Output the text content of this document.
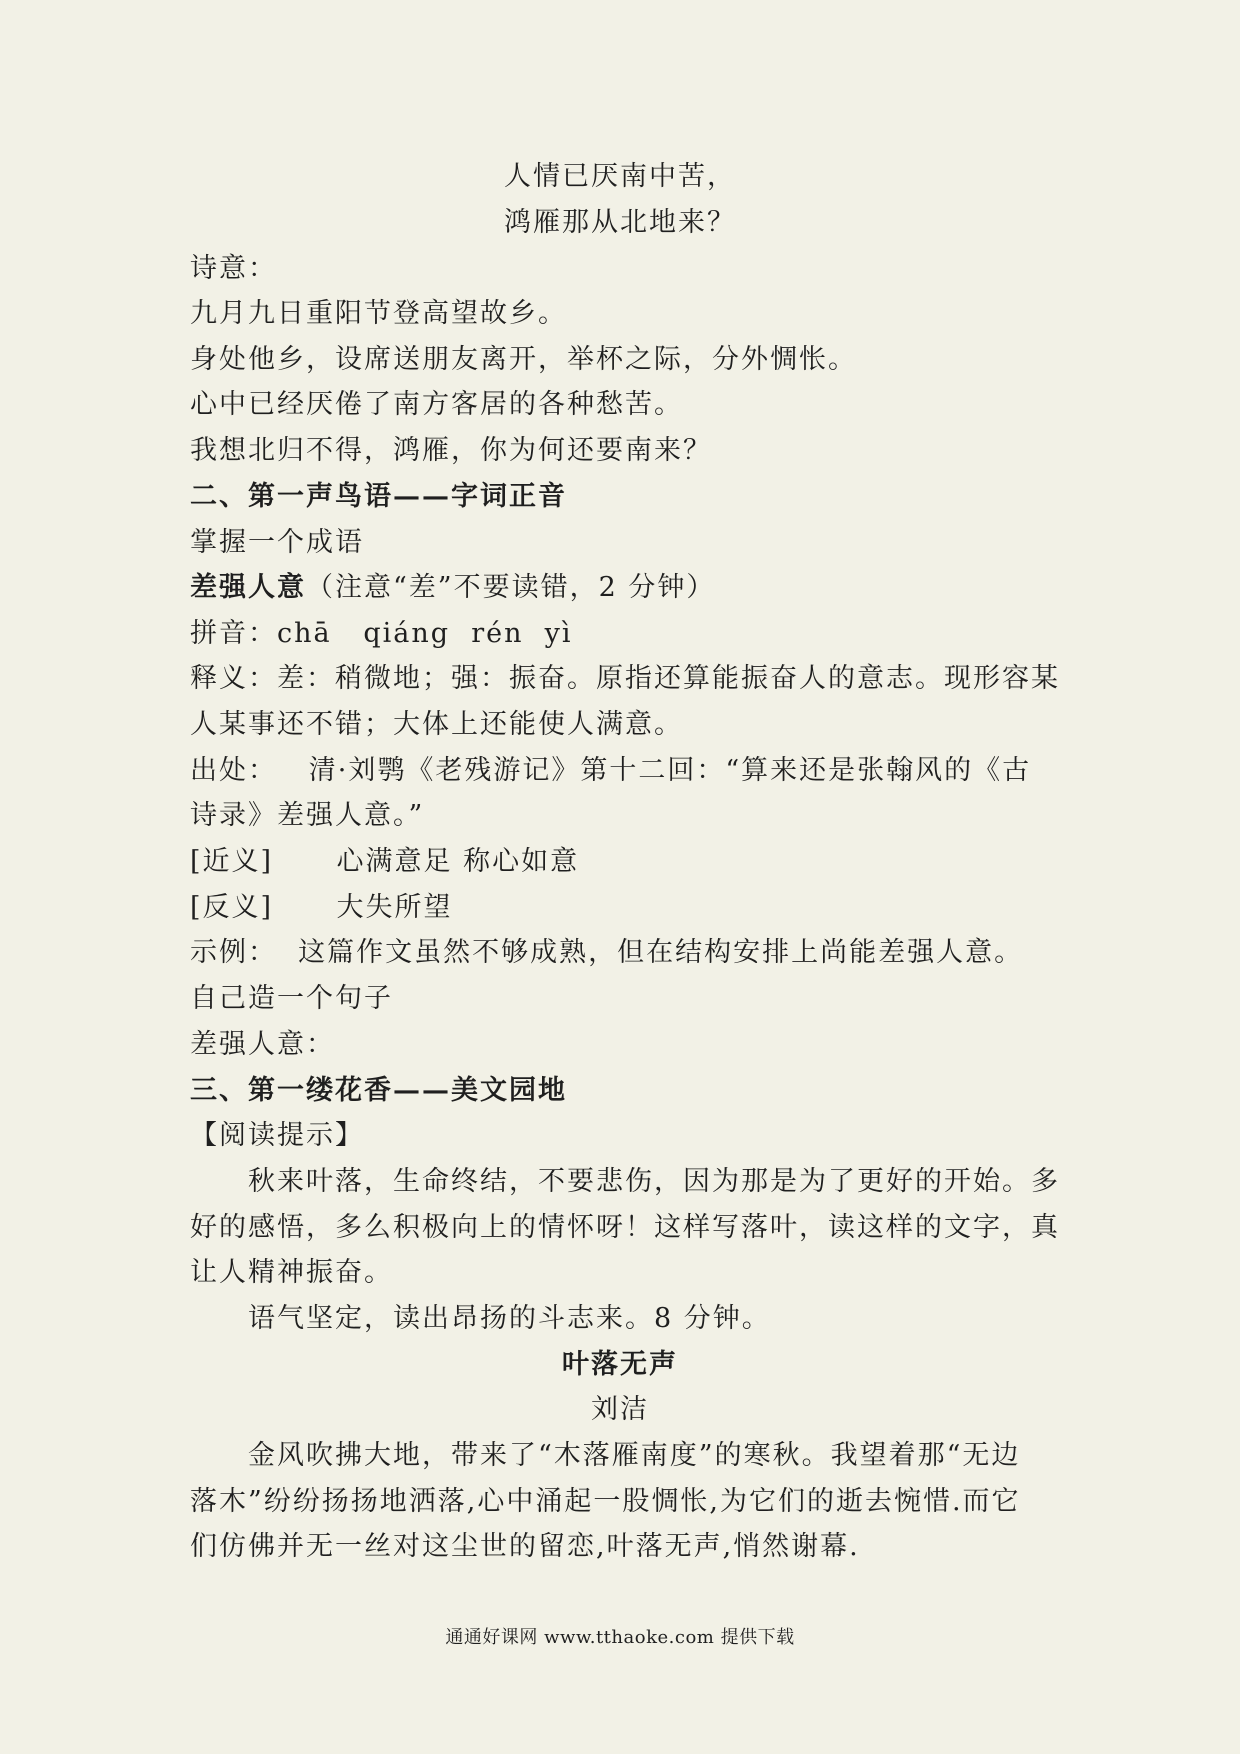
人情已厌南中苦，
鸿雁那从北地来？
诗意：
九月九日重阳节登高望故乡。
身处他乡，设席送朋友离开，举杯之际，分外惆怅。
心中已经厌倦了南方客居的各种愁苦。
我想北归不得，鸿雁，你为何还要南来？
二、第一声鸟语——字词正音
掌握一个成语
差强人意（注意“差”不要读错，2 分钟）
拼音：chā   qiáng  rén  yì
释义：差：稍微地；强：振奋。原指还算能振奋人的意志。现形容某
人某事还不错；大体上还能使人满意。
出处：   清·刘鹗《老残游记》第十二回：“算来还是张翰风的《古
诗录》差强人意。”
[近义]      心满意足 称心如意
[反义]      大失所望
示例：  这篇作文虽然不够成熟，但在结构安排上尚能差强人意。
自己造一个句子
差强人意：
三、第一缕花香——美文园地
【阅读提示】
秋来叶落，生命终结，不要悲伤，因为那是为了更好的开始。多
好的感悟，多么积极向上的情怀呀！这样写落叶，读这样的文字，真
让人精神振奋。
语气坚定，读出昂扬的斗志来。8 分钟。
叶落无声
刘洁
金风吹拂大地，带来了“木落雁南度”的寒秋。我望着那“无边
落木”纷纷扬扬地洒落,心中涌起一股惆怅,为它们的逝去惋惜.而它
们仿佛并无一丝对这尘世的留恋,叶落无声,悄然谢幕.
通通好课网 www.tthaoke.com 提供下载
